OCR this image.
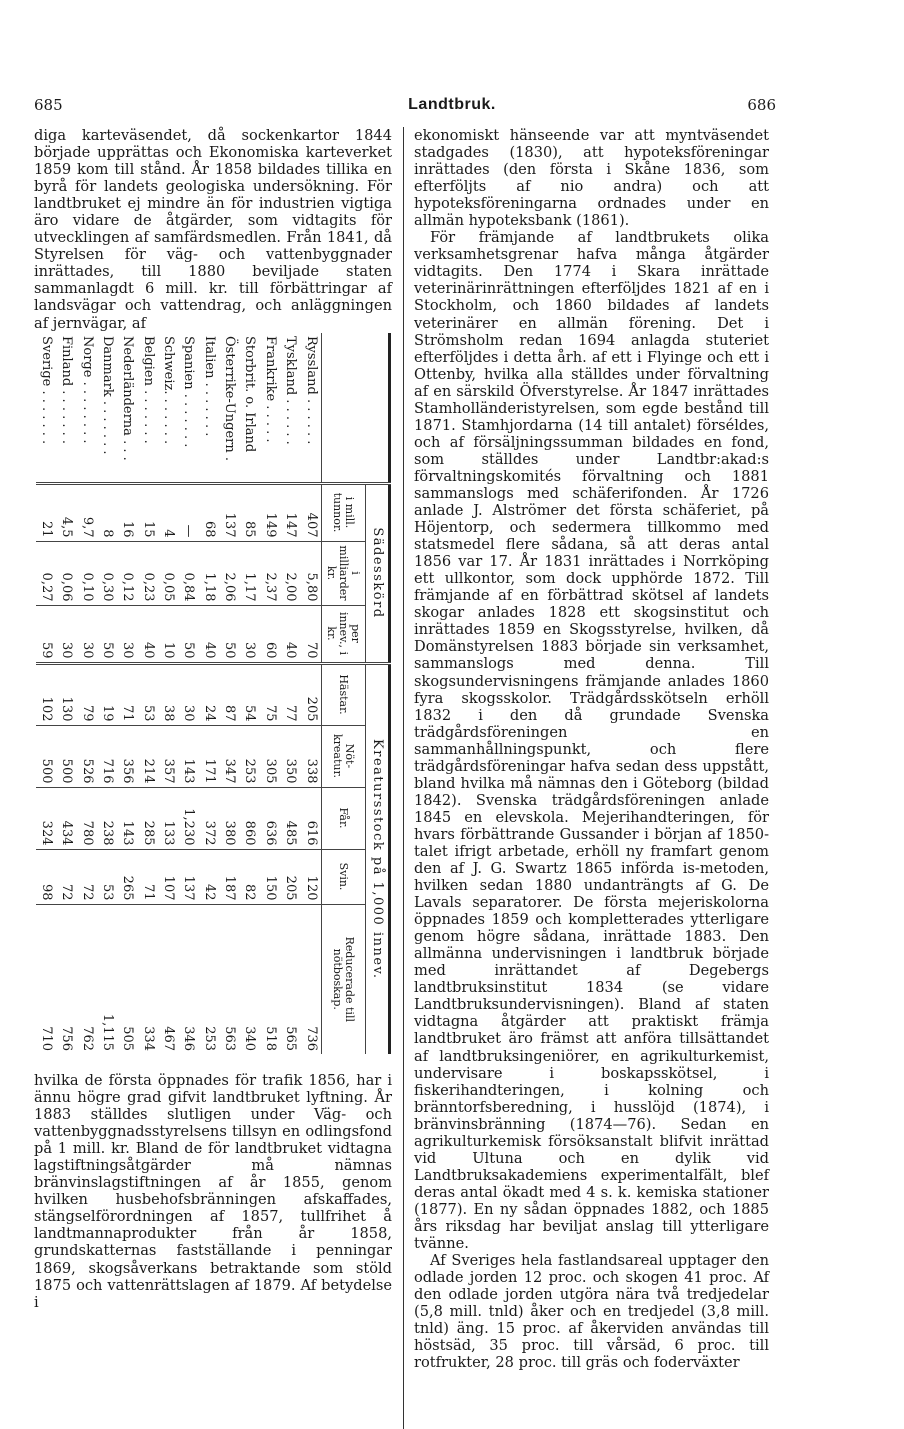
685	Landtbruk.	686

diga karteväsendet, då sockenkartor 1844 började upprättas och Ekonomiska karteverket 1859 kom till stånd. År 1858 bildades tillika en byrå för landets geologiska undersökning. För landtbruket ej mindre än för industrien vigtiga äro vidare de åtgärder, som vidtagits för utvecklingen af samfärdsmedlen. Från 1841, då Styrelsen för väg- och vattenbyggnader inrättades, till 1880 beviljade staten sammanlagdt 6 mill. kr. till förbättringar af landsvägar och vattendrag, och anläggningen af jernvägar, af

	Sädesskörd			Kreatursstock på 1,000 innev.				
	i mill. tunnor.	i milliarder kr.	per innev., i kr.	Hästar.	Nöt-kreatur.	Får.	Svin.	Reducerade till nötboskap.
Ryssland . . . . . .	407	5,80	70	205	338	616	120	736
Tyskland . . . . . .	147	2,00	40	77	350	485	205	565
Frankrike . . . . .	149	2,37	60	75	305	636	150	518
Storbrit. o. Irland	85	1,17	30	54	253	860	82	340
Österrike-Ungern .	137	2,06	50	87	347	380	187	563
Italien . . . . . . .	68	1,18	40	24	171	372	42	253
Spanien . . . . . . .	—	0,84	50	30	143	1,230	137	346
Schweiz. . . . . . .	4	0,05	10	38	357	133	107	467
Belgien . . . . . . .	15	0,23	40	53	214	285	71	334
Nederländerna . . .	16	0,12	30	71	356	143	265	505
Danmark . . . . . . .	8	0,30	50	19	716	238	53	1,115
Norge . . . . . . . .	9,7	0,10	30	79	526	780	72	762
Finland . . . . . . .	4,5	0,06	30	130	500	434	72	756
Sverige . . . . . . .	21	0,27	59	102	500	324	98	710

hvilka de första öppnades för trafik 1856, har i ännu högre grad gifvit landtbruket lyftning. År 1883 ställdes slutligen under Väg- och vattenbyggnadsstyrelsens tillsyn en odlingsfond på 1 mill. kr. Bland de för landtbruket vidtagna lagstiftningsåtgärder må nämnas bränvinslagstiftningen af år 1855, genom hvilken husbehofsbränningen afskaffades, stängselförordningen af 1857, tullfrihet å landtmannaprodukter från år 1858, grundskatternas fastställande i penningar 1869, skogsåverkans betraktande som stöld 1875 och vattenrättslagen af 1879. Af betydelse i

ekonomiskt hänseende var att myntväsendet stadgades (1830), att hypoteksföreningar inrättades (den första i Skåne 1836, som efterföljts af nio andra) och att hypoteksföreningarna ordnades under en allmän hypoteksbank (1861).

För främjande af landtbrukets olika verksamhetsgrenar hafva många åtgärder vidtagits. Den 1774 i Skara inrättade veterinärinrättningen efterföljdes 1821 af en i Stockholm, och 1860 bildades af landets veterinärer en allmän förening. Det i Strömsholm redan 1694 anlagda stuteriet efterföljdes i detta årh. af ett i Flyinge och ett i Ottenby, hvilka alla ställdes under förvaltning af en särskild Öfverstyrelse. År 1847 inrättades Stamholländeristyrelsen, som egde bestånd till 1871. Stamhjordarna (14 till antalet) förséldes, och af försäljningssumman bildades en fond, som ställdes under Landtbr:akad:s förvaltningskomités förvaltning och 1881 sammanslogs med schäferifonden. År 1726 anlade J. Alströmer det första schäferiet, på Höjentorp, och sedermera tillkommo med statsmedel flere sådana, så att deras antal 1856 var 17. År 1831 inrättades i Norrköping ett ullkontor, som dock upphörde 1872. Till främjande af en förbättrad skötsel af landets skogar anlades 1828 ett skogsinstitut och inrättades 1859 en Skogsstyrelse, hvilken, då Domänstyrelsen 1883 började sin verksamhet, sammanslogs med denna. Till skogsundervisningens främjande anlades 1860 fyra skogsskolor. Trädgårdsskötseln erhöll 1832 i den då grundade Svenska trädgårdsföreningen en sammanhållningspunkt, och flere trädgårdsföreningar hafva sedan dess uppstått, bland hvilka må nämnas den i Göteborg (bildad 1842). Svenska trädgårdsföreningen anlade 1845 en elevskola. Mejerihandteringen, för hvars förbättrande Gussander i början af 1850-talet ifrigt arbetade, erhöll ny framfart genom den af J. G. Swartz 1865 införda is-metoden, hvilken sedan 1880 undanträngts af G. De Lavals separatorer. De första mejeriskolorna öppnades 1859 och kompletterades ytterligare genom högre sådana, inrättade 1883. Den allmänna undervisningen i landtbruk började med inrättandet af Degebergs landtbruksinstitut 1834 (se vidare Landtbruksundervisningen). Bland af staten vidtagna åtgärder att praktiskt främja landtbruket äro främst att anföra tillsättandet af landtbruksingeniörer, en agrikulturkemist, undervisare i boskapsskötsel, i fiskerihandteringen, i kolning och bränntorfsberedning, i husslöjd (1874), i bränvinsbränning (1874—76). Sedan en agrikulturkemisk försöksanstalt blifvit inrättad vid Ultuna och en dylik vid Landtbruksakademiens experimentalfält, blef deras antal ökadt med 4 s. k. kemiska stationer (1877). En ny sådan öppnades 1882, och 1885 års riksdag har beviljat anslag till ytterligare tvänne.

Af Sveriges hela fastlandsareal upptager den odlade jorden 12 proc. och skogen 41 proc. Af den odlade jorden utgöra nära två tredjedelar (5,8 mill. tnld) åker och en tredjedel (3,8 mill. tnld) äng. 15 proc. af åkerviden användas till höstsäd, 35 proc. till vårsäd, 6 proc. till rotfrukter, 28 proc. till gräs och foderväxter
